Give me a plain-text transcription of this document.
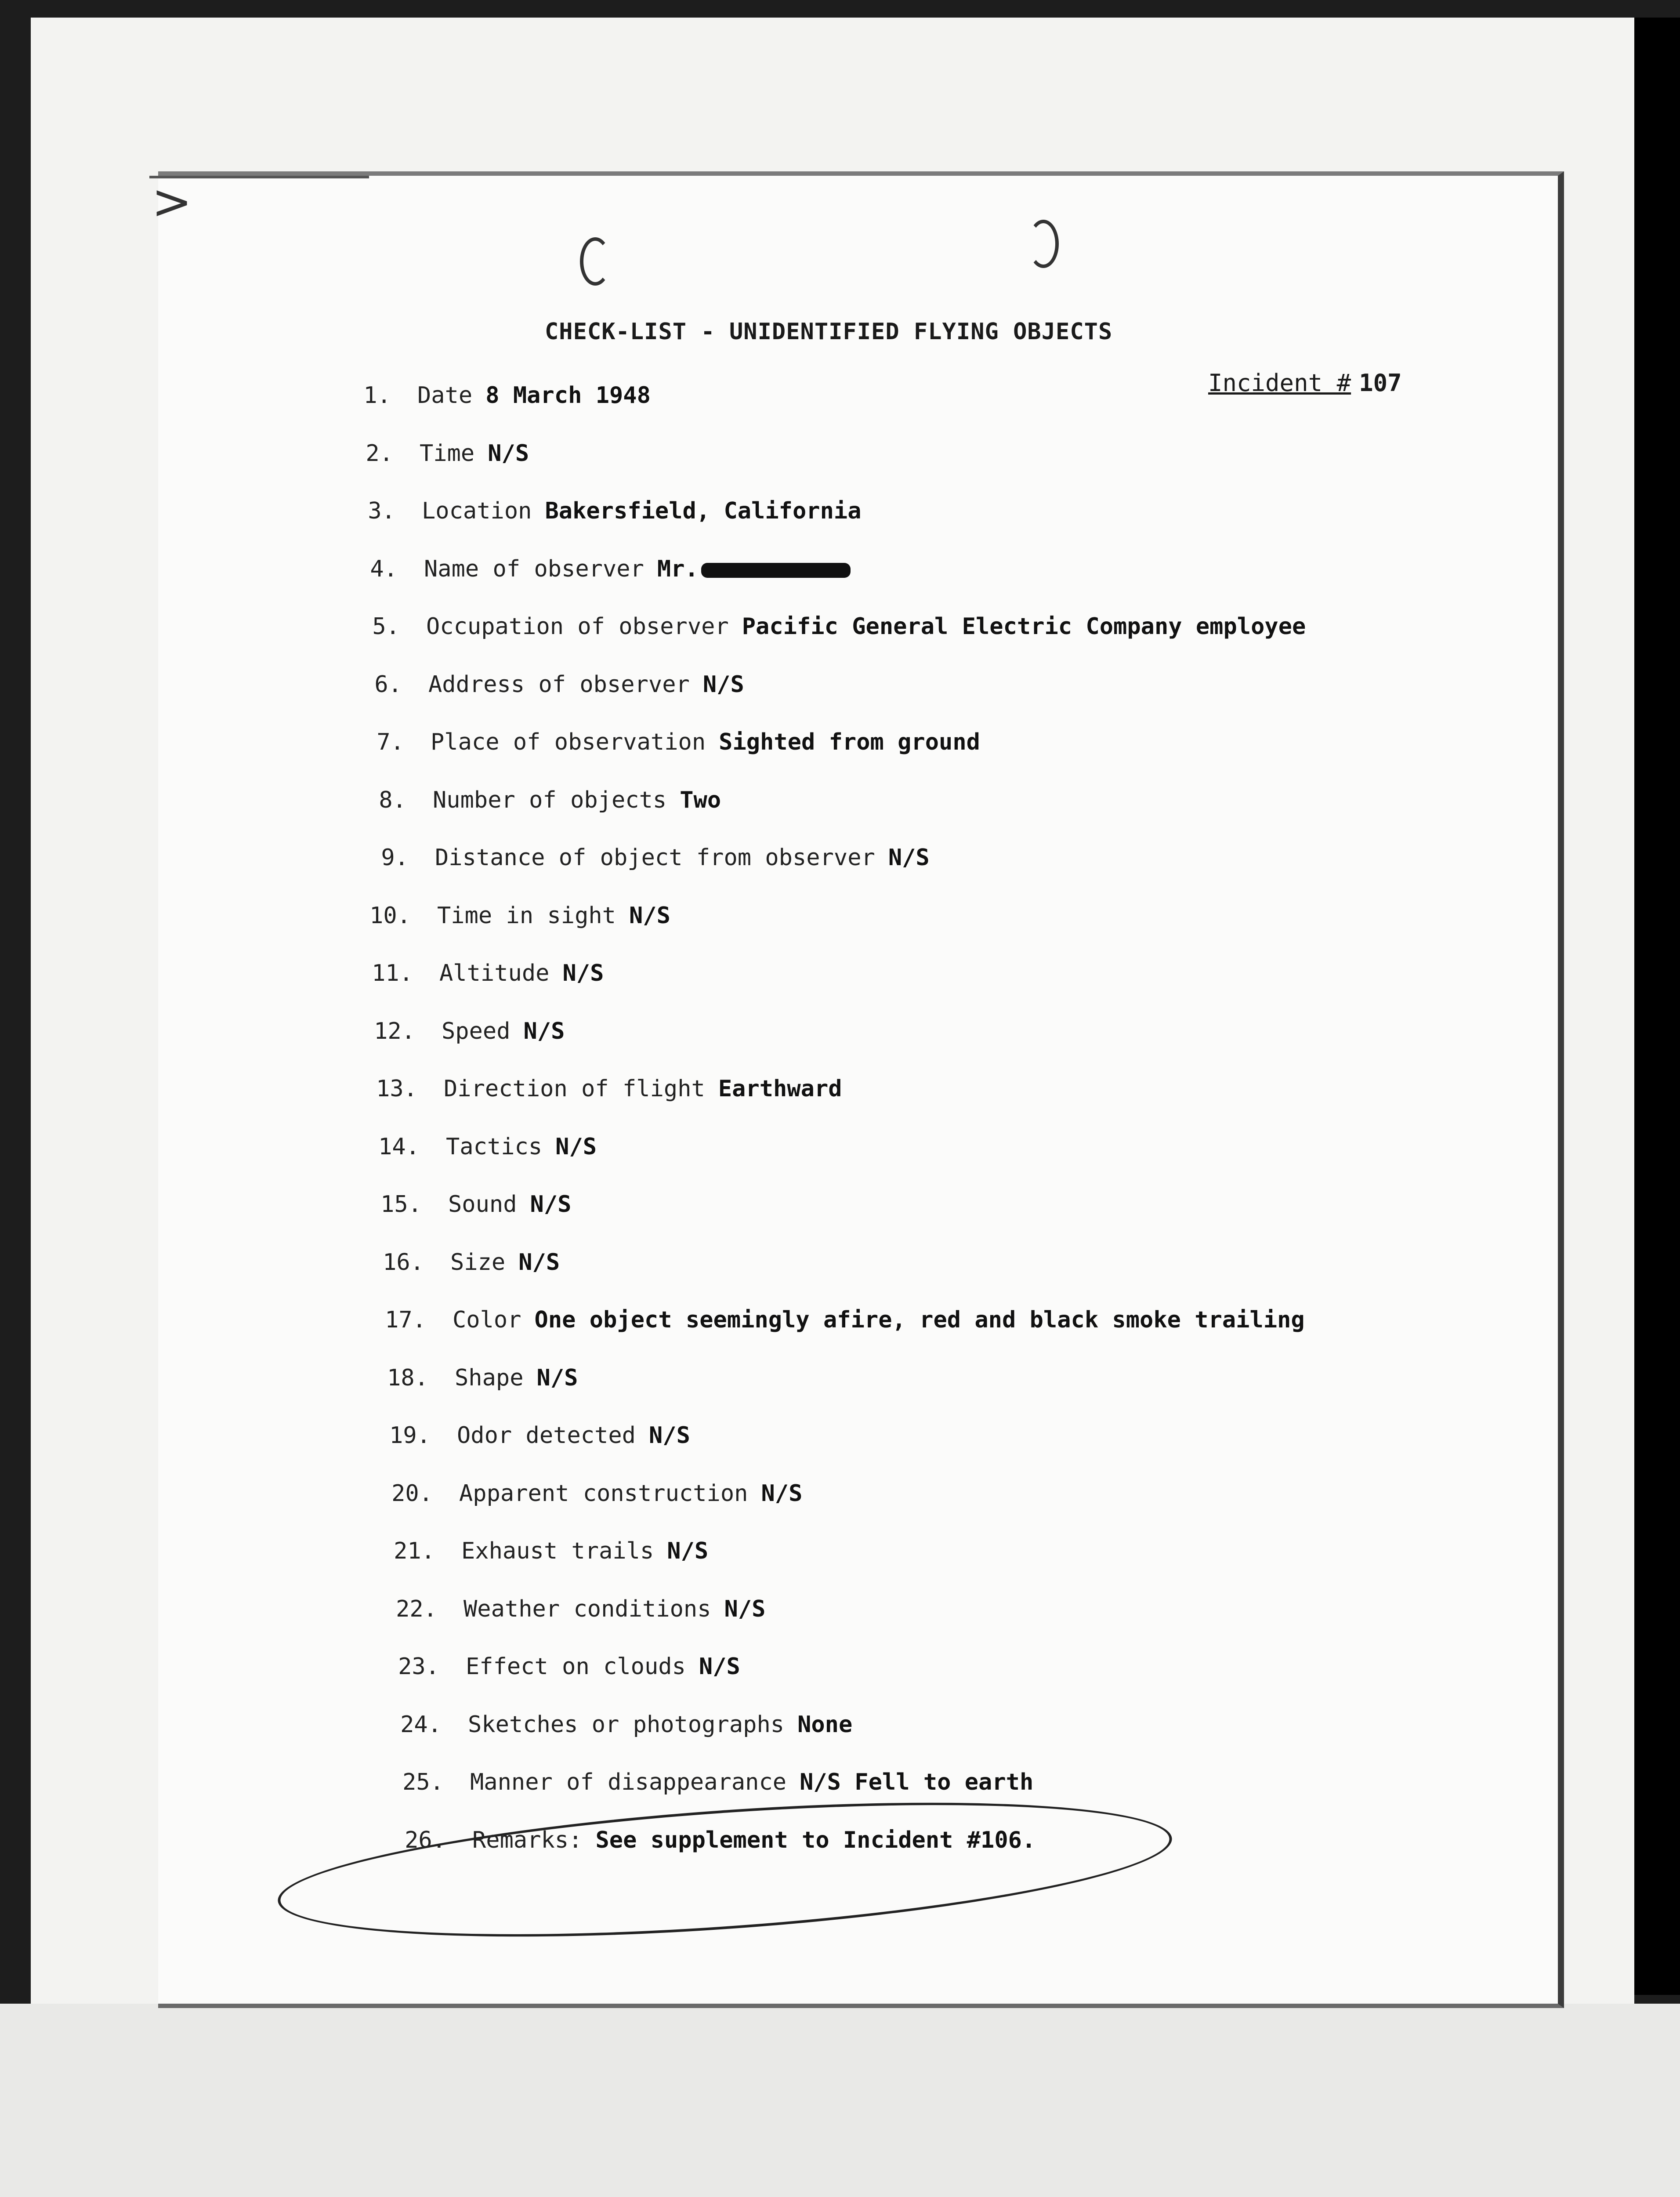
>
CHECK-LIST - UNIDENTIFIED FLYING OBJECTS
Incident # 107
1. Date 8 March 1948
2. Time N/S
3. Location Bakersfield, California
4. Name of observer Mr.
5. Occupation of observer Pacific General Electric Company employee
6. Address of observer N/S
7. Place of observation Sighted from ground
8. Number of objects Two
9. Distance of object from observer N/S
10. Time in sight N/S
11. Altitude N/S
12. Speed N/S
13. Direction of flight Earthward
14. Tactics N/S
15. Sound N/S
16. Size N/S
17. Color One object seemingly afire, red and black smoke trailing
18. Shape N/S
19. Odor detected N/S
20. Apparent construction N/S
21. Exhaust trails N/S
22. Weather conditions N/S
23. Effect on clouds N/S
24. Sketches or photographs None
25. Manner of disappearance N/S Fell to earth
26. Remarks: See supplement to Incident #106.
